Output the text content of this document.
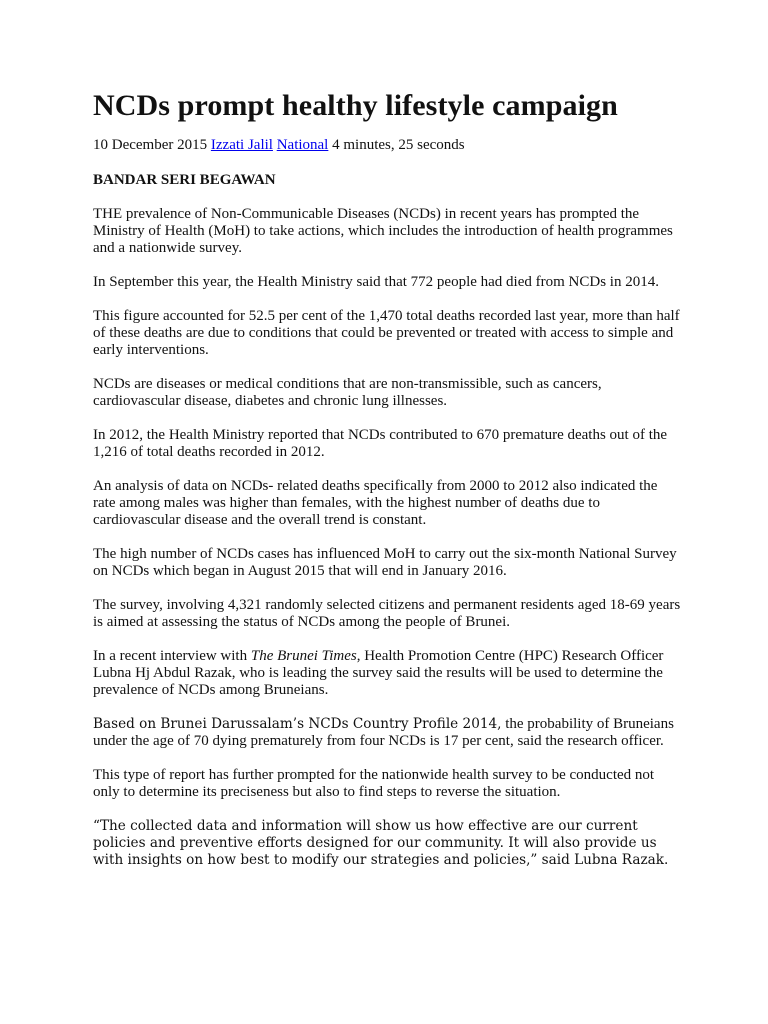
NCDs prompt healthy lifestyle campaign
10 December 2015 Izzati Jalil National 4 minutes, 25 seconds
BANDAR SERI BEGAWAN

THE prevalence of Non-Communicable Diseases (NCDs) in recent years has prompted the Ministry of Health (MoH) to take actions, which includes the introduction of health programmes and a nationwide survey.

In September this year, the Health Ministry said that 772 people had died from NCDs in 2014.

This figure accounted for 52.5 per cent of the 1,470 total deaths recorded last year, more than half of these deaths are due to conditions that could be prevented or treated with access to simple and early interventions.

NCDs are diseases or medical conditions that are non-transmissible, such as cancers, cardiovascular disease, diabetes and chronic lung illnesses.

In 2012, the Health Ministry reported that NCDs contributed to 670 premature deaths out of the 1,216 of total deaths recorded in 2012.

An analysis of data on NCDs- related deaths specifically from 2000 to 2012 also indicated the rate among males was higher than females, with the highest number of deaths due to cardiovascular disease and the overall trend is constant.

The high number of NCDs cases has influenced MoH to carry out the six-month National Survey on NCDs which began in August 2015 that will end in January 2016.

The survey, involving 4,321 randomly selected citizens and permanent residents aged 18-69 years is aimed at assessing the status of NCDs among the people of Brunei.

In a recent interview with The Brunei Times, Health Promotion Centre (HPC) Research Officer Lubna Hj Abdul Razak, who is leading the survey said the results will be used to determine the prevalence of NCDs among Bruneians.

Based on Brunei Darussalam’s NCDs Country Profile 2014, the probability of Bruneians under the age of 70 dying prematurely from four NCDs is 17 per cent, said the research officer.

This type of report has further prompted for the nationwide health survey to be conducted not only to determine its preciseness but also to find steps to reverse the situation.

“The collected data and information will show us how effective are our current policies and preventive efforts designed for our community. It will also provide us with insights on how best to modify our strategies and policies,” said Lubna Razak.
